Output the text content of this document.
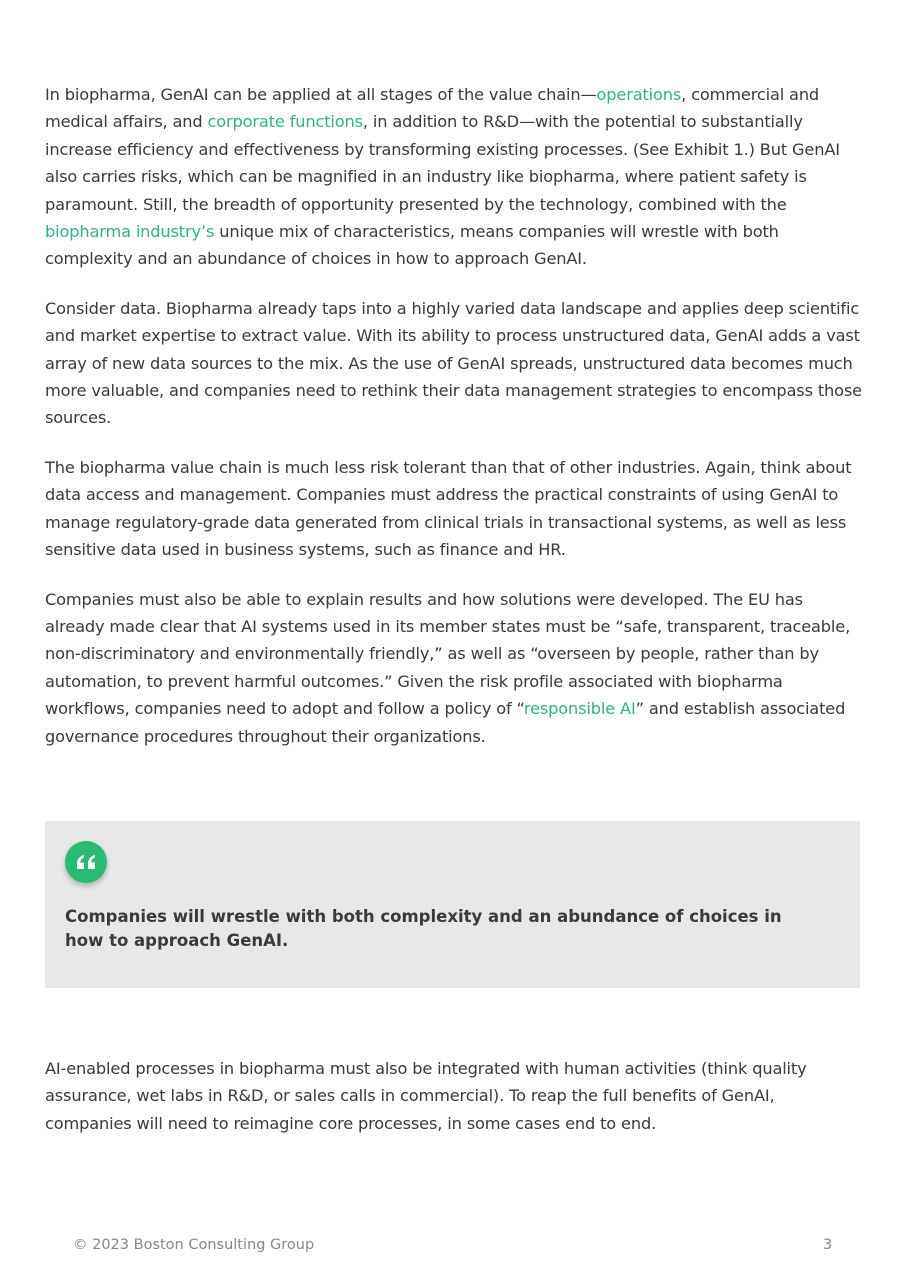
In biopharma, GenAI can be applied at all stages of the value chain—operations, commercial and medical affairs, and corporate functions, in addition to R&D—with the potential to substantially increase efficiency and effectiveness by transforming existing processes. (See Exhibit 1.) But GenAI also carries risks, which can be magnified in an industry like biopharma, where patient safety is paramount. Still, the breadth of opportunity presented by the technology, combined with the biopharma industry’s unique mix of characteristics, means companies will wrestle with both complexity and an abundance of choices in how to approach GenAI.

Consider data. Biopharma already taps into a highly varied data landscape and applies deep scientific and market expertise to extract value. With its ability to process unstructured data, GenAI adds a vast array of new data sources to the mix. As the use of GenAI spreads, unstructured data becomes much more valuable, and companies need to rethink their data management strategies to encompass those sources.

The biopharma value chain is much less risk tolerant than that of other industries. Again, think about data access and management. Companies must address the practical constraints of using GenAI to manage regulatory-grade data generated from clinical trials in transactional systems, as well as less sensitive data used in business systems, such as finance and HR.

Companies must also be able to explain results and how solutions were developed. The EU has already made clear that AI systems used in its member states must be “safe, transparent, traceable, non-discriminatory and environmentally friendly,” as well as “overseen by people, rather than by automation, to prevent harmful outcomes.” Given the risk profile associated with biopharma workflows, companies need to adopt and follow a policy of “responsible AI” and establish associated governance procedures throughout their organizations.

Companies will wrestle with both complexity and an abundance of choices in how to approach GenAI.

AI-enabled processes in biopharma must also be integrated with human activities (think quality assurance, wet labs in R&D, or sales calls in commercial). To reap the full benefits of GenAI, companies will need to reimagine core processes, in some cases end to end.

© 2023 Boston Consulting Group	3
